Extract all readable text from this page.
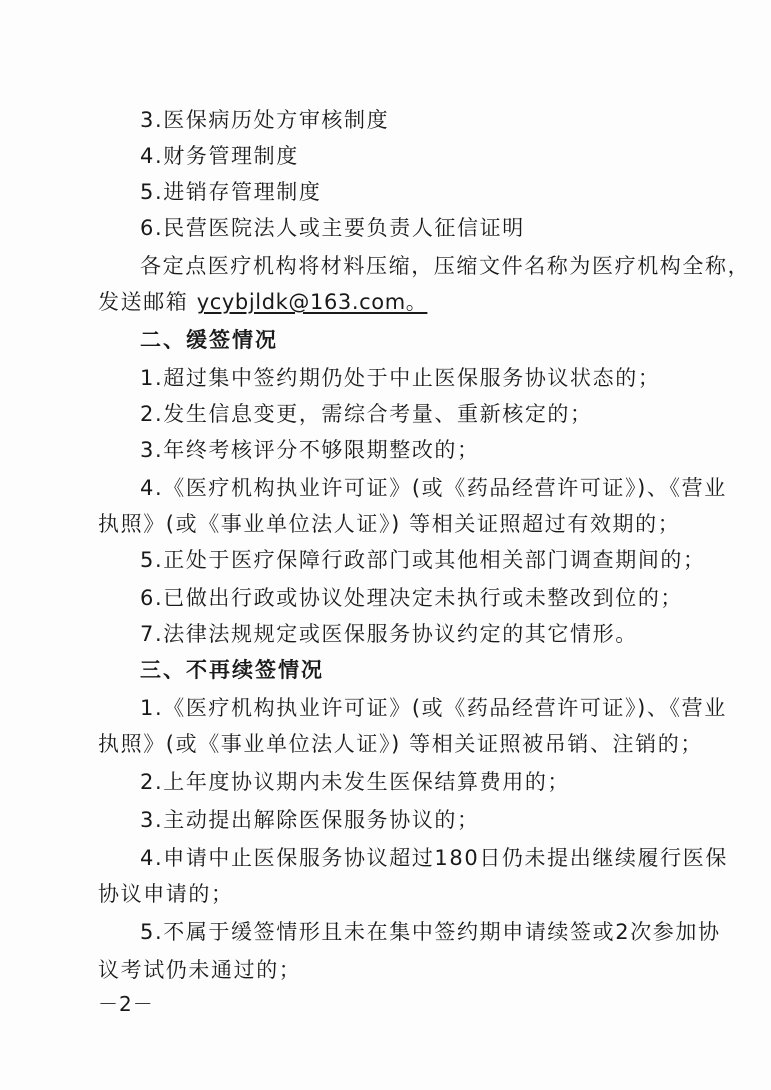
3.医保病历处方审核制度
4.财务管理制度
5.进销存管理制度
6.民营医院法人或主要负责人征信证明
各定点医疗机构将材料压缩，压缩文件名称为医疗机构全称，
发送邮箱 ycybjldk@163.com。
二、缓签情况
1.超过集中签约期仍处于中止医保服务协议状态的；
2.发生信息变更，需综合考量、重新核定的；
3.年终考核评分不够限期整改的；
4.《医疗机构执业许可证》(或《药品经营许可证》)、《营业
执照》(或《事业单位法人证》) 等相关证照超过有效期的；
5.正处于医疗保障行政部门或其他相关部门调查期间的；
6.已做出行政或协议处理决定未执行或未整改到位的；
7.法律法规规定或医保服务协议约定的其它情形。
三、不再续签情况
1.《医疗机构执业许可证》(或《药品经营许可证》)、《营业
执照》(或《事业单位法人证》) 等相关证照被吊销、注销的；
2.上年度协议期内未发生医保结算费用的；
3.主动提出解除医保服务协议的；
4.申请中止医保服务协议超过180日仍未提出继续履行医保
协议申请的；
5.不属于缓签情形且未在集中签约期申请续签或2次参加协
议考试仍未通过的；
－2－
